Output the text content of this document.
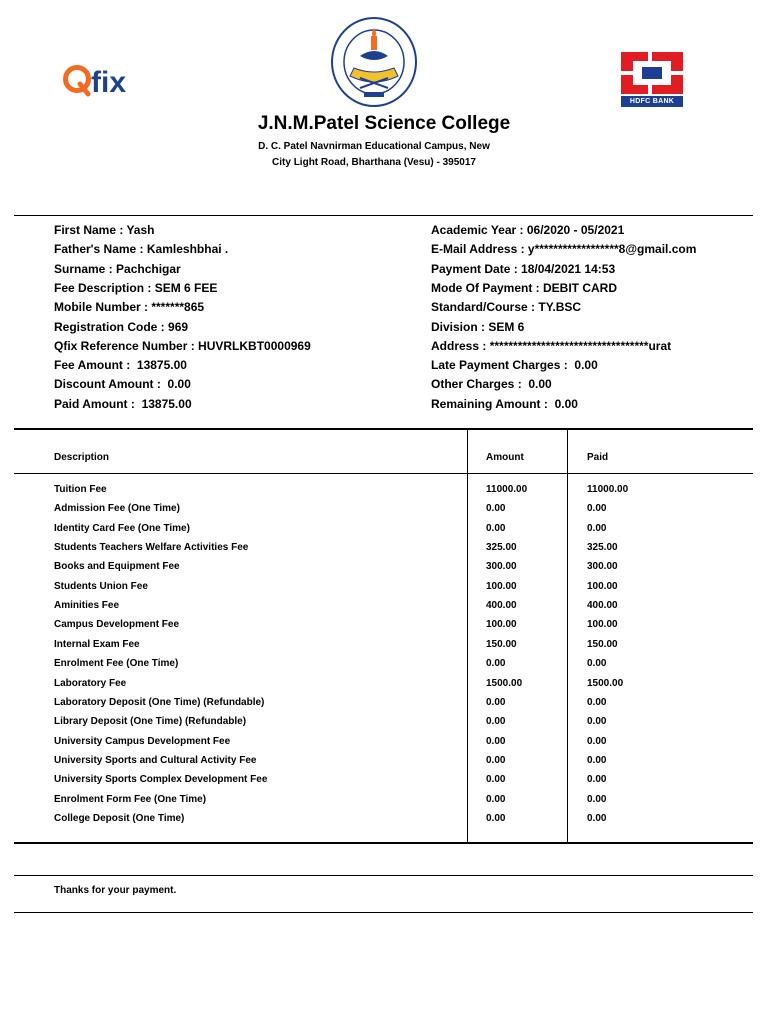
fix
HDFC BANK
J.N.M.Patel Science College
D. C. Patel Navnirman Educational Campus, New
City Light Road, Bharthana (Vesu) - 395017
First Name : Yash
Father's Name : Kamleshbhai .
Surname : Pachchigar
Fee Description : SEM 6 FEE
Mobile Number : *******865
Registration Code : 969
Qfix Reference Number : HUVRLKBT0000969
Fee Amount :  13875.00
Discount Amount :  0.00
Paid Amount :  13875.00
Academic Year : 06/2020 - 05/2021
E-Mail Address : y******************8@gmail.com
Payment Date : 18/04/2021 14:53
Mode Of Payment : DEBIT CARD
Standard/Course : TY.BSC
Division : SEM 6
Address : **********************************urat
Late Payment Charges :  0.00
Other Charges :  0.00
Remaining Amount :  0.00
Description	Amount	Paid
Tuition Fee	11000.00	11000.00
Admission Fee (One Time)	0.00	0.00
Identity Card Fee (One Time)	0.00	0.00
Students Teachers Welfare Activities Fee	325.00	325.00
Books and Equipment Fee	300.00	300.00
Students Union Fee	100.00	100.00
Aminities Fee	400.00	400.00
Campus Development Fee	100.00	100.00
Internal Exam Fee	150.00	150.00
Enrolment Fee (One Time)	0.00	0.00
Laboratory Fee	1500.00	1500.00
Laboratory Deposit (One Time) (Refundable)	0.00	0.00
Library Deposit (One Time) (Refundable)	0.00	0.00
University Campus Development Fee	0.00	0.00
University Sports and Cultural Activity Fee	0.00	0.00
University Sports Complex Development Fee	0.00	0.00
Enrolment Form Fee (One Time)	0.00	0.00
College Deposit (One Time)	0.00	0.00
Thanks for your payment.
